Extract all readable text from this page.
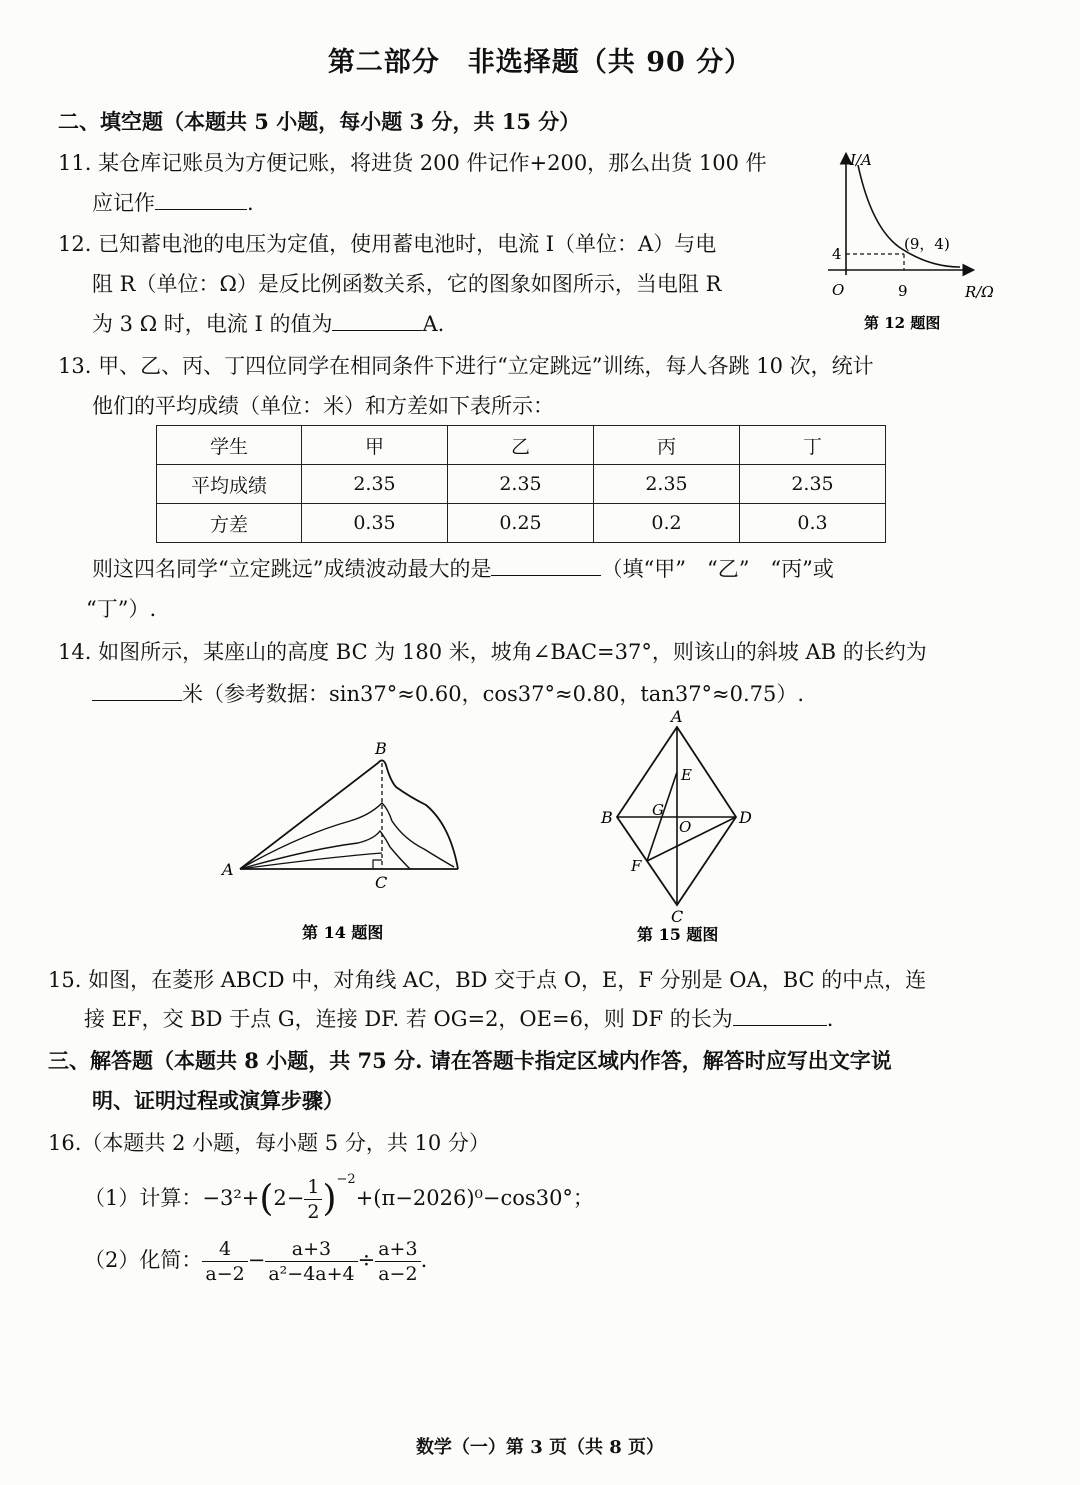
第二部分　非选择题（共 90 分）
二、填空题（本题共 5 小题，每小题 3 分，共 15 分）
11. 某仓库记账员为方便记账，将进货 200 件记作+200，那么出货 100 件
应记作	.
12. 已知蓄电池的电压为定值，使用蓄电池时，电流 I（单位：A）与电
阻 R（单位：Ω）是反比例函数关系，它的图象如图所示，当电阻 R
为 3 Ω 时，电流 I 的值为	A.
I/A
R/Ω
O	9
4
(9，4)
第 12 题图
13. 甲、乙、丙、丁四位同学在相同条件下进行“立定跳远”训练，每人各跳 10 次，统计
他们的平均成绩（单位：米）和方差如下表所示：
学生	甲	乙	丙	丁
平均成绩	2.35	2.35	2.35	2.35
方差	0.35	0.25	0.2	0.3
则这四名同学“立定跳远”成绩波动最大的是	（填“甲”　“乙”　“丙”或
“丁”）.
14. 如图所示，某座山的高度 BC 为 180 米，坡角∠BAC=37°，则该山的斜坡 AB 的长约为
米（参考数据：sin37°≈0.60，cos37°≈0.80，tan37°≈0.75）.
A
B
C
第 14 题图
A
B
C
D
E
F
G
O
第 15 题图
15. 如图，在菱形 ABCD 中，对角线 AC，BD 交于点 O，E，F 分别是 OA，BC 的中点，连
接 EF，交 BD 于点 G，连接 DF. 若 OG=2，OE=6，则 DF 的长为	.
三、解答题（本题共 8 小题，共 75 分. 请在答题卡指定区域内作答，解答时应写出文字说
明、证明过程或演算步骤）
16.（本题共 2 小题，每小题 5 分，共 10 分）
（1）计算：$-3^2+(2- \frac{1}{2} )^{-2}+(\pi-2026)^0-\cos 30^\circ$；
（2）化简： $\frac{4}{a-2} - \frac{a+3}{\text{a²−4a+4}} \div \frac{a+3}{a-2}$ .
数学（一）第 3 页（共 8 页）
